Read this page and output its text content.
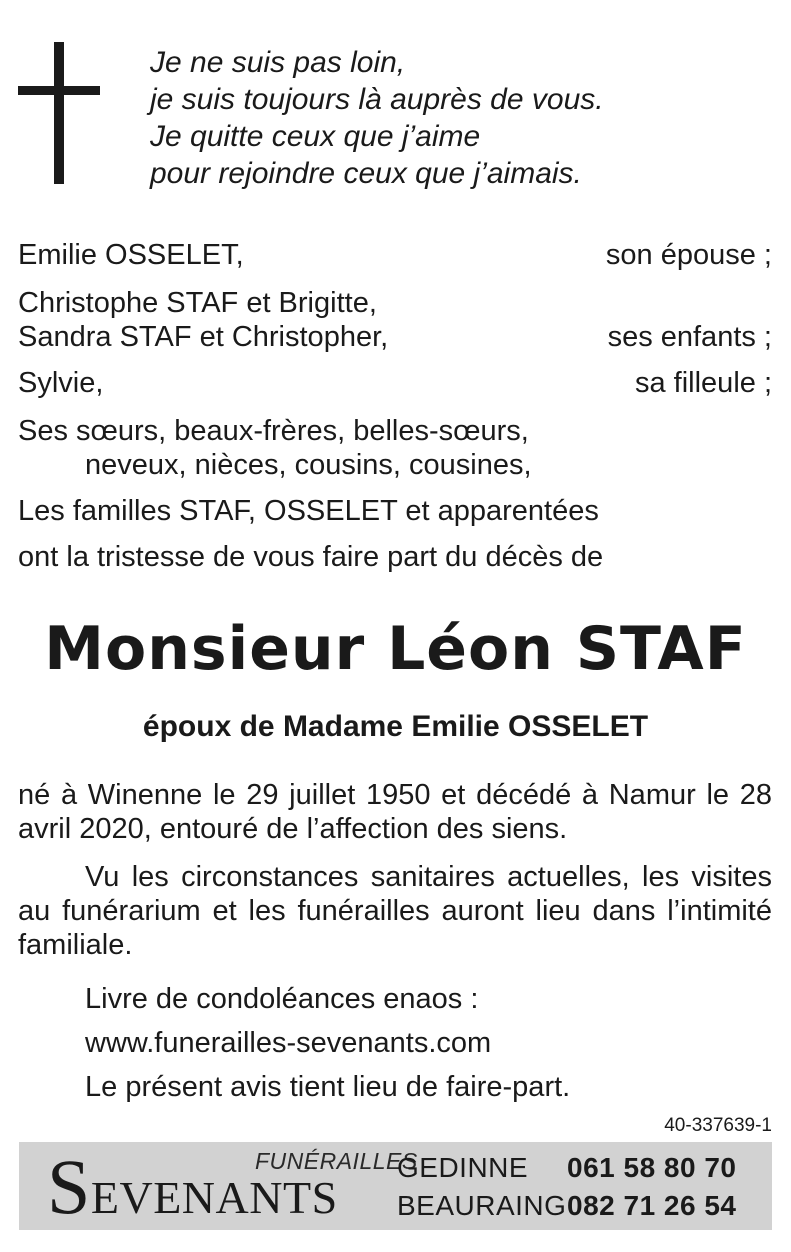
Je ne suis pas loin,
je suis toujours là auprès de vous.
Je quitte ceux que j’aime
pour rejoindre ceux que j’aimais.
Emilie OSSELET,	son épouse ;
Christophe STAF et Brigitte,
Sandra STAF et Christopher,	ses enfants ;
Sylvie,	sa filleule ;
Ses sœurs, beaux-frères, belles-sœurs,
neveux, nièces, cousins, cousines,
Les familles STAF, OSSELET et apparentées
ont la tristesse de vous faire part du décès de
Monsieur Léon STAF
époux de Madame Emilie OSSELET
né à Winenne le 29 juillet 1950 et décédé à Namur le 28 avril 2020, entouré de l’affection des siens.
Vu les circonstances sanitaires actuelles, les visites au funérarium et les funérailles auront lieu dans l’intimité familiale.
Livre de condoléances enaos :
www.funerailles-sevenants.com
Le présent avis tient lieu de faire-part.
40-337639-1
SEVENANTS
FUNÉRAILLES
GEDINNE 061 58 80 70
BEAURAING 082 71 26 54
